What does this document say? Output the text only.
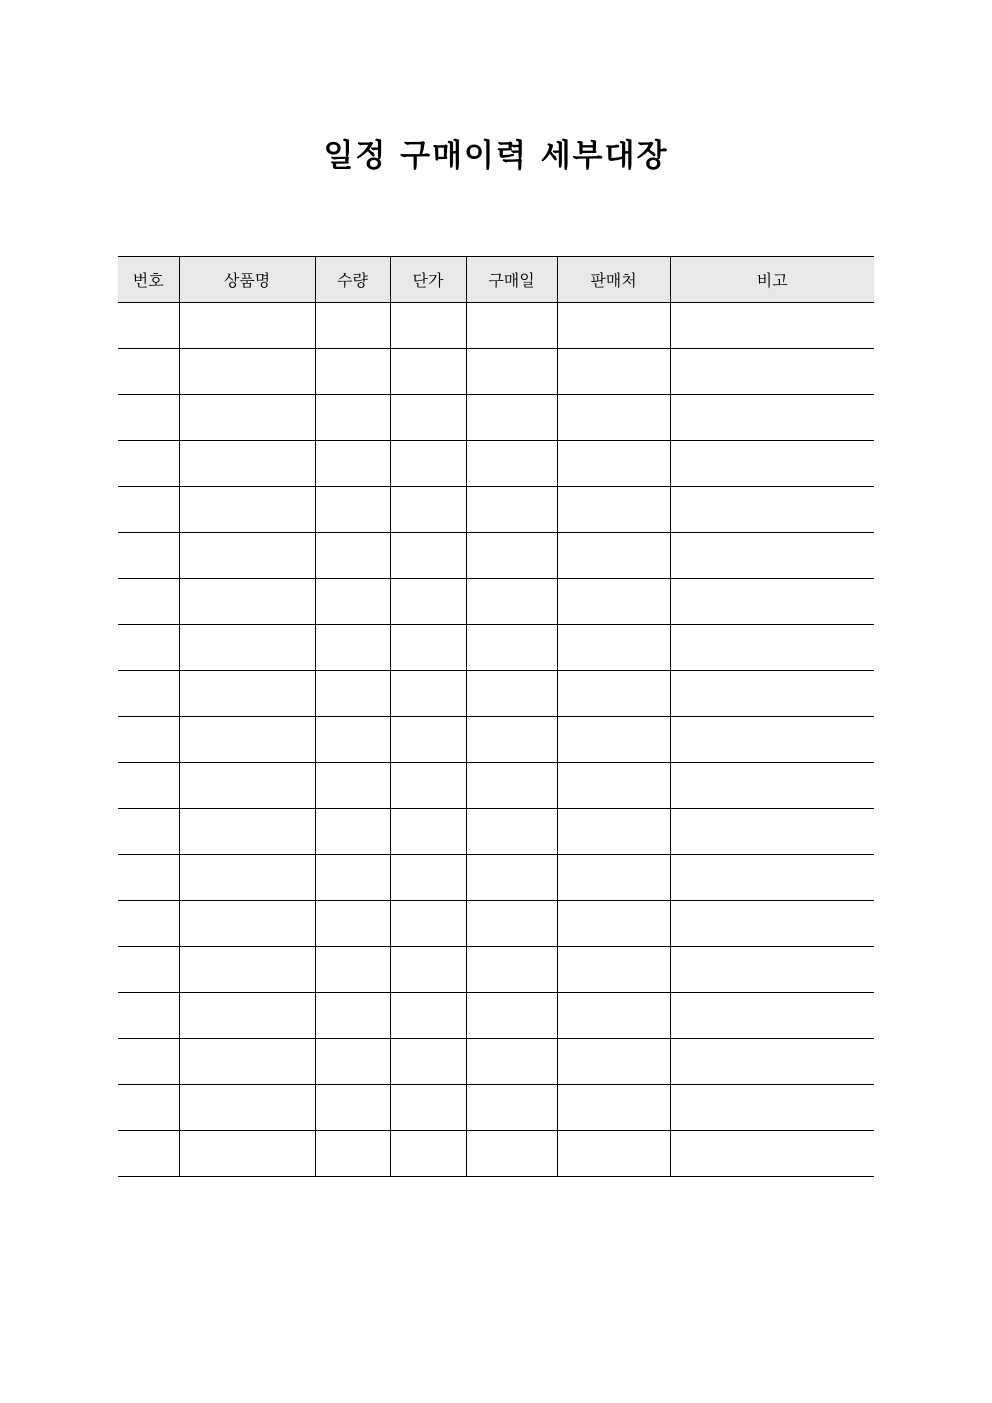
일정 구매이력 세부대장
번호	상품명	수량	단가	구매일	판매처	비고
